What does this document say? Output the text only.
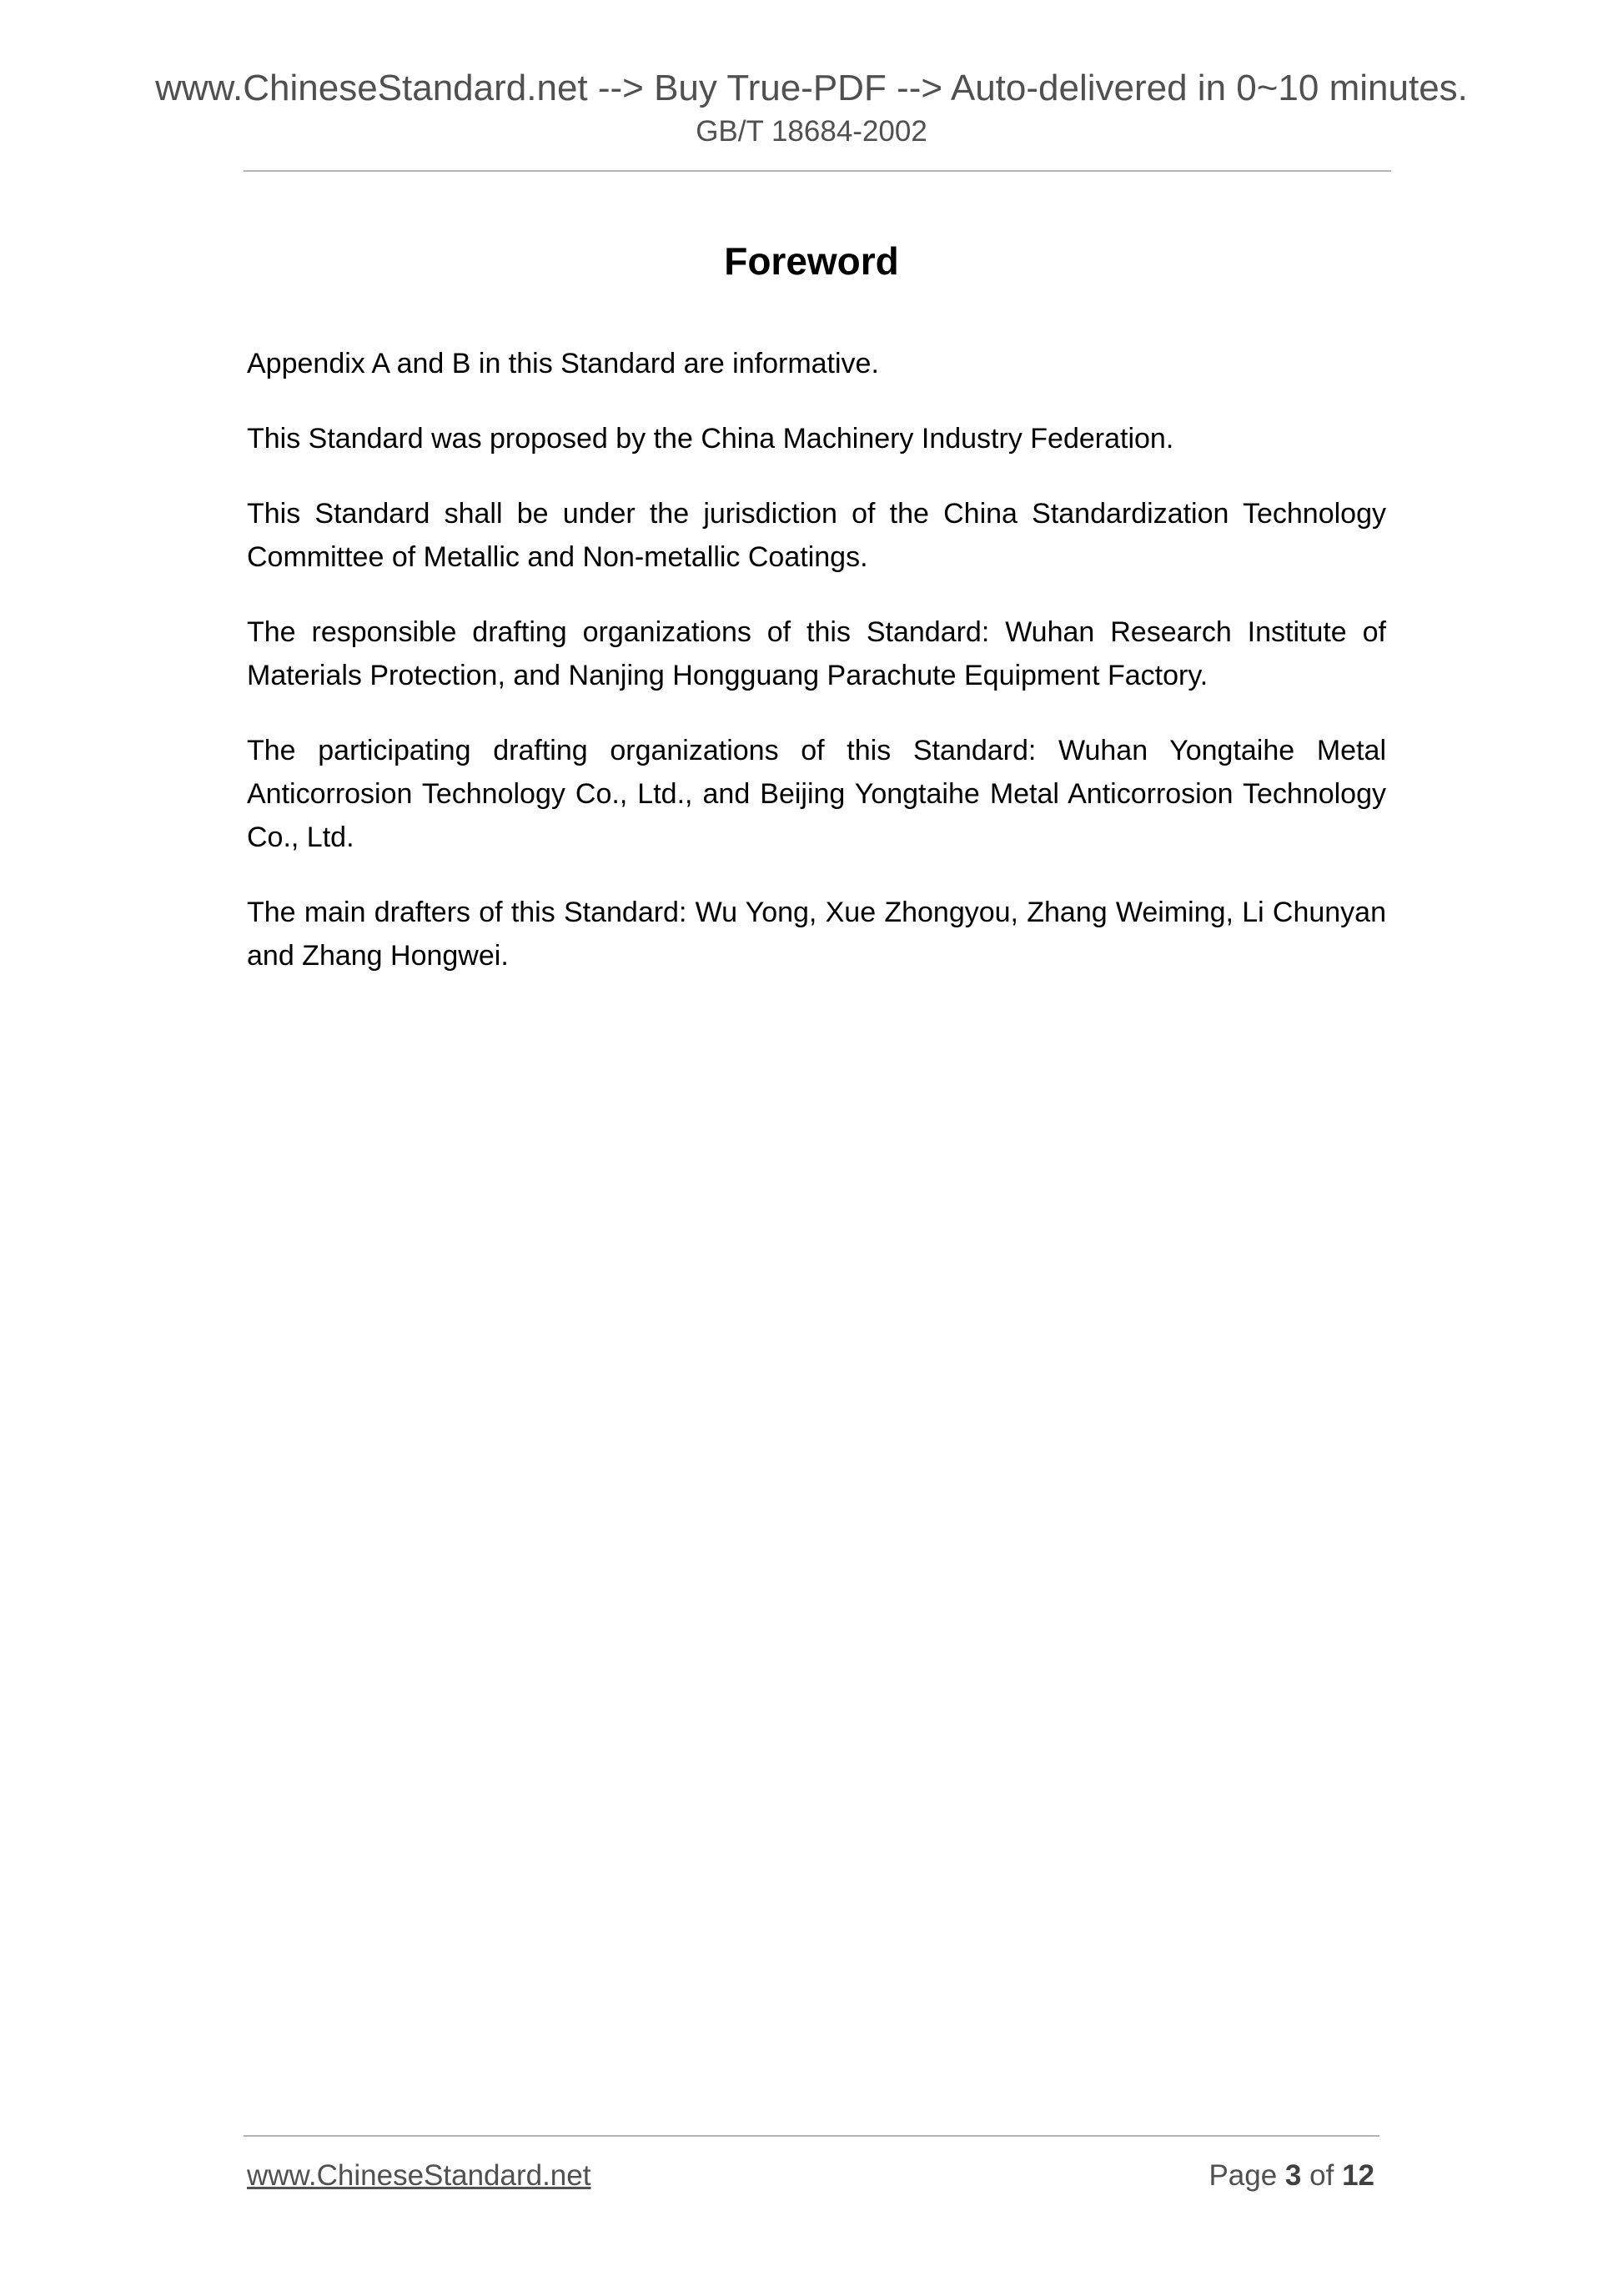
www.ChineseStandard.net --> Buy True-PDF --> Auto-delivered in 0~10 minutes.
GB/T 18684-2002
Foreword

Appendix A and B in this Standard are informative.

This Standard was proposed by the China Machinery Industry Federation.

This Standard shall be under the jurisdiction of the China Standardization Technology Committee of Metallic and Non-metallic Coatings.

The responsible drafting organizations of this Standard: Wuhan Research Institute of Materials Protection, and Nanjing Hongguang Parachute Equipment Factory.

The participating drafting organizations of this Standard: Wuhan Yongtaihe Metal Anticorrosion Technology Co., Ltd., and Beijing Yongtaihe Metal Anticorrosion Technology Co., Ltd.

The main drafters of this Standard: Wu Yong, Xue Zhongyou, Zhang Weiming, Li Chunyan and Zhang Hongwei.

www.ChineseStandard.net	Page 3 of 12
